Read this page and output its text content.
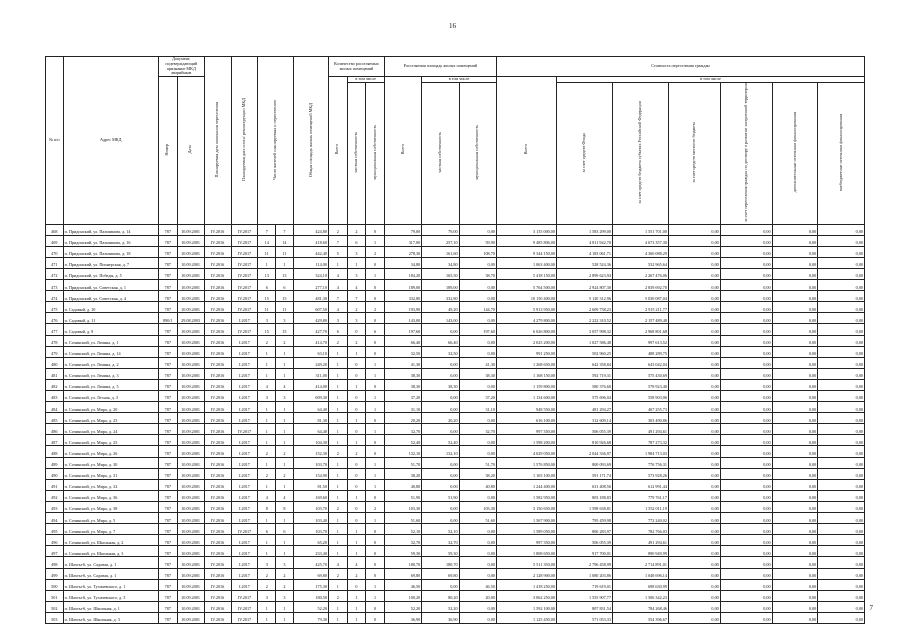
16
№ п/п	Адрес МКД	Документ, подтверждающий признание МКД аварийным		Планируемая дата окончания переселения	Планируемая дата сноса/ реконструкции МКД	Число жителей планируемых к переселению		Общая площадь жилых помещений МКД	Количество расселяемых жилых помещений			Расселяемая площадь жилых помещений			Стоимость переселения граждан						
		Номер	Дата						Всего	в том числе		Всего	в том числе		Всего	в том числе					
										частная собственность	муниципальная собственность		частная собственность	муниципальная собственность		за счет средств Фонда	за счет средств бюджета субъекта Российской Федерации	за счет средств местного бюджета	за счет переселения граждан по договору о развитии застроенной территории	дополнительные источники финансирования	внебюджетные источники финансирования

468	п. Придонский, ул. Пальчикова, д. 14	787	10.09.2001	IV.2016	IV.2017	7	7	424,80	2	2	0	79,00	79,00	0,00	3 135 000,00	1 583 299,00	1 551 701,00	0,00	0,00	0,00	0,00
469	п. Придонский, ул. Пальчикова, д. 16	787	10.09.2001	IV.2016	IV.2017	14	14	418,60	7	6	1	317,00	257,10	59,90	9 485 806,00	4 811 942,70	4 673 357,30	0,00	0,00	0,00	0,00
470	п. Придонский, ул. Пальчикова, д. 18	787	10.09.2001	IV.2016	IV.2017	11	11	442,40	5	3	2	278,30	161,60	108,70	9 344 150,00	4 183 061,71	4 360 088,29	0,00	0,00	0,00	0,00
471	п. Придонский, ул. Пионерская, д. 7	787	10.09.2001	IV.2016	IV.2017	1	1	114,00	1	1	0	34,80	34,80	0,00	1 063 400,00	528 524,36	532 965,64	0,00	0,00	0,00	0,00
472	п. Придонский, ул. Победы, д. 5	787	10.09.2001	IV.2016	IV.2017	13	13	324,10	4	3	1	184,20	165,50	38,70	5 418 150,00	2 899 623,94	2 267 476,06	0,00	0,00	0,00	0,00
473	п. Придонский, ул. Советская, д. 1	787	10.09.2001	IV.2016	IV.2017	6	6	277,10	4	4	0	189,00	189,00	0,00	5 764 500,00	2 924 807,30	2 839 692,70	0,00	0,00	0,00	0,00
474	п. Придонский, ул. Советская, д. 4	787	10.09.2001	IV.2016	IV.2017	15	15	481,30	7	7	0	332,80	332,80	0,00	10 150 400,00	5 120 312,96	5 030 087,04	0,00	0,00	0,00	0,00
475	п. Садовый, д. 10	787	10.09.2001	IV.2016	IV.2017	11	11	607,50	4	2	2	193,90	49,20	144,70	5 913 950,00	2 609 738,23	2 915 211,77	0,00	0,00	0,00	0,00
476	п. Садовый, д. 11	890/1	29.08.2003	IV.2016	I.2017	3	3	429,80	3	3	0	143,00	143,00	0,00	4 279 800,00	2 222 310,52	2 157 489,48	0,00	0,00	0,00	0,00
477	п. Садовый, д. 9	787	10.09.2001	IV.2016	IV.2017	15	15	427,70	6	0	6	197,60	0,00	197,60	6 026 800,00	3 057 998,32	2 968 801,68	0,00	0,00	0,00	0,00
478	п. Сочинский, ул. Ленина, д. 1	787	10.09.2001	IV.2016	I.2017	2	2	414,70	2	2	0	66,40	66,40	0,00	2 025 200,00	1 027 586,48	997 613,52	0,00	0,00	0,00	0,00
479	п. Сочинский, ул. Ленина, д. 14	787	10.09.2001	IV.2016	I.2017	1	1	63,10	1	1	0	32,50	32,50	0,00	991 250,00	502 960,25	488 289,75	0,00	0,00	0,00	0,00
480	п. Сочинский, ул. Ленина, д. 2	787	10.09.2001	IV.2016	I.2017	1	1	249,20	1	0	1	41,30	0,00	41,30	1 268 650,00	642 358,84	643 042,04	0,00	0,00	0,00	0,00
481	п. Сочинский, ул. Ленина, д. 3	787	10.09.2001	IV.2016	I.2017	1	1	311,00	1	0	1	38,30	0,00	38,30	1 168 150,00	592 719,31	575 430,69	0,00	0,00	0,00	0,00
482	п. Сочинский, ул. Ленина, д. 5	787	10.09.2001	IV.2016	I.2017	4	4	414,00	1	1	0	38,30	38,30	0,00	1 159 800,00	580 376,60	578 923,40	0,00	0,00	0,00	0,00
483	п. Сочинский, ул. Лесная, д. 3	787	10.09.2001	IV.2016	I.2017	3	3	609,30	1	0	1	37,20	0,00	37,20	1 134 600,00	575 696,04	558 903,96	0,00	0,00	0,00	0,00
484	п. Сочинский, ул. Мира, д. 20	787	10.09.2001	IV.2016	I.2017	1	1	64,40	1	0	1	31,10	0,00	31,10	948 550,00	481 294,27	467 255,73	0,00	0,00	0,00	0,00
485	п. Сочинский, ул. Мира, д. 23	787	10.09.2001	IV.2016	I.2017	1	1	81,30	1	1	0	20,20	20,20	0,00	616 100,00	312 609,14	303 490,86	0,00	0,00	0,00	0,00
486	п. Сочинский, ул. Мира, д. 24	787	10.09.2001	IV.2016	IV.2017	1	1	64,40	1	0	1	32,70	0,00	32,70	997 350,00	506 055,39	491 294,61	0,00	0,00	0,00	0,00
487	п. Сочинский, ул. Мира, д. 25	787	10.09.2001	IV.2016	I.2017	1	1	104,30	1	1	0	52,40	52,40	0,00	1 598 200,00	810 926,68	787 273,32	0,00	0,00	0,00	0,00
488	п. Сочинский, ул. Мира, д. 26	787	10.09.2001	IV.2016	I.2017	2	2	152,30	2	2	0	132,10	132,10	0,00	4 029 050,00	2 044 336,97	1 984 713,03	0,00	0,00	0,00	0,00
489	п. Сочинский, ул. Мира, д. 30	787	10.09.2001	IV.2016	I.2017	1	1	103,70	1	0	1	51,70	0,00	51,70	1 576 850,00	800 093,69	776 756,31	0,00	0,00	0,00	0,00
490	п. Сочинский, ул. Мира, д. 31	787	10.09.2001	IV.2016	I.2017	2	2	154,90	1	0	1	38,20	0,00	38,20	1 165 100,00	591 171,74	573 928,26	0,00	0,00	0,00	0,00
491	п. Сочинский, ул. Мира, д. 32	787	10.09.2001	IV.2016	I.2017	1	1	81,50	1	0	1	40,80	0,00	40,80	1 244 400,00	631 408,56	612 991,44	0,00	0,00	0,00	0,00
492	п. Сочинский, ул. Мира, д. 36	787	10.09.2001	IV.2016	I.2017	4	4	169,60	1	1	0	51,90	51,90	0,00	1 582 950,00	803 188,83	779 761,17	0,00	0,00	0,00	0,00
493	п. Сочинский, ул. Мира, д. 38	787	10.09.2001	IV.2016	I.2017	8	8	103,70	2	0	2	103,30	0,00	103,30	3 150 650,00	1 598 638,81	1 552 011,19	0,00	0,00	0,00	0,00
494	п. Сочинский, ул. Мира, д. 5	787	10.09.2001	IV.2016	I.2017	1	1	103,40	1	0	1	51,60	0,00	51,60	1 567 900,00	795 459,98	772 240,02	0,00	0,00	0,00	0,00
495	п. Сочинский, ул. Мира, д. 7	787	10.09.2001	IV.2016	IV.2017	6	6	103,70	1	1	0	52,10	52,10	0,00	1 589 050,00	806 283,97	782 766,03	0,00	0,00	0,00	0,00
496	п. Сочинский, ул. Школьная, д. 2	787	10.09.2001	IV.2016	I.2017	1	1	65,20	1	1	0	32,70	32,70	0,00	997 350,00	506 055,39	491 294,61	0,00	0,00	0,00	0,00
497	п. Сочинский, ул. Школьная, д. 3	787	10.09.2001	IV.2016	I.2017	1	1	233,40	1	1	0	59,30	59,30	0,00	1 808 650,00	917 700,01	890 949,99	0,00	0,00	0,00	0,00
498	п. Шахты-6, ул. Садовая, д. 1	787	10.09.2001	IV.2016	I.2017	3	3	425,70	4	4	0	180,70	180,70	0,00	5 511 350,00	2 796 458,99	2 714 891,01	0,00	0,00	0,00	0,00
499	п. Шахты-6, ул. Садовая, д. 1	787	10.09.2001	IV.2016	I.2017	2	2	69,80	2	2	0	69,80	69,80	0,00	2 128 900,00	1 080 203,86	1 048 696,14	0,00	0,00	0,00	0,00
500	п. Шахты-6, ул. Тухачевского, д. 1	787	10.09.2001	IV.2016	I.2017	2	2	175,30	1	0	1	46,50	0,00	46,50	1 418 250,00	719 619,01	698 630,99	0,00	0,00	0,00	0,00
501	п. Шахты-6, ул. Тухачевского, д. 3	787	10.09.2001	IV.2016	IV.2017	3	3	180,50	2	1	1	100,20	80,20	20,00	3 062 250,00	1 555 907,77	1 506 342,23	0,00	0,00	0,00	0,00
502	п. Шахты-6, ул. Школьная, д. 1	787	10.09.2001	IV.2016	IV.2017	1	1	52,20	1	1	0	52,20	52,20	0,00	1 592 100,00	807 831,54	784 268,46	0,00	0,00	0,00	0,00
503	п. Шахты-6, ул. Школьная, д. 3	787	10.09.2001	IV.2016	IV.2017	1	1	79,30	1	1	0	36,90	36,90	0,00	1 125 450,00	571 053,33	554 396,67	0,00	0,00	0,00	0,00
7
